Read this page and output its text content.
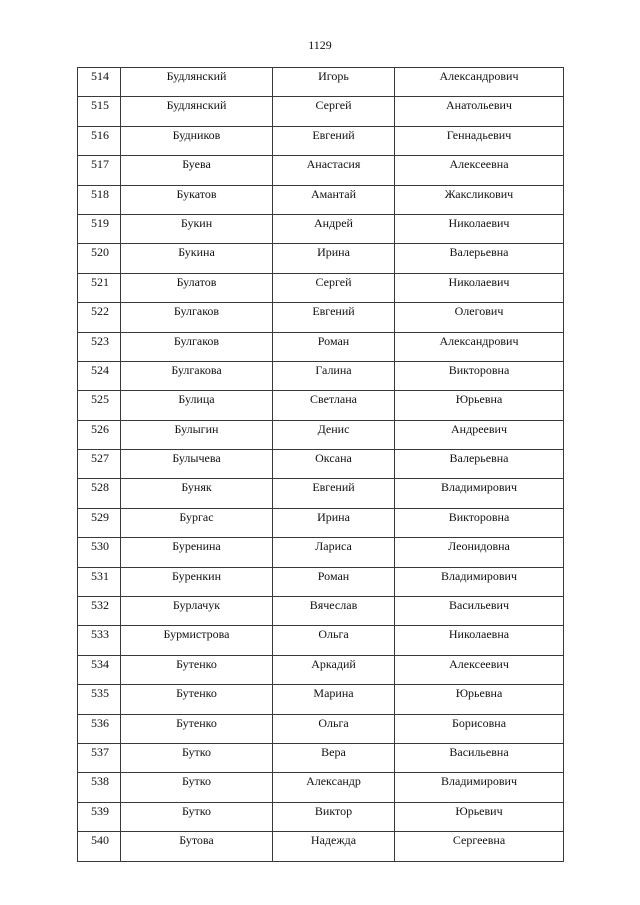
1129
514	Будлянский	Игорь	Александрович
515	Будлянский	Сергей	Анатольевич
516	Будников	Евгений	Геннадьевич
517	Буева	Анастасия	Алексеевна
518	Букатов	Амантай	Жаксликович
519	Букин	Андрей	Николаевич
520	Букина	Ирина	Валерьевна
521	Булатов	Сергей	Николаевич
522	Булгаков	Евгений	Олегович
523	Булгаков	Роман	Александрович
524	Булгакова	Галина	Викторовна
525	Булица	Светлана	Юрьевна
526	Булыгин	Денис	Андреевич
527	Булычева	Оксана	Валерьевна
528	Буняк	Евгений	Владимирович
529	Бургас	Ирина	Викторовна
530	Буренина	Лариса	Леонидовна
531	Буренкин	Роман	Владимирович
532	Бурлачук	Вячеслав	Васильевич
533	Бурмистрова	Ольга	Николаевна
534	Бутенко	Аркадий	Алексеевич
535	Бутенко	Марина	Юрьевна
536	Бутенко	Ольга	Борисовна
537	Бутко	Вера	Васильевна
538	Бутко	Александр	Владимирович
539	Бутко	Виктор	Юрьевич
540	Бутова	Надежда	Сергеевна
